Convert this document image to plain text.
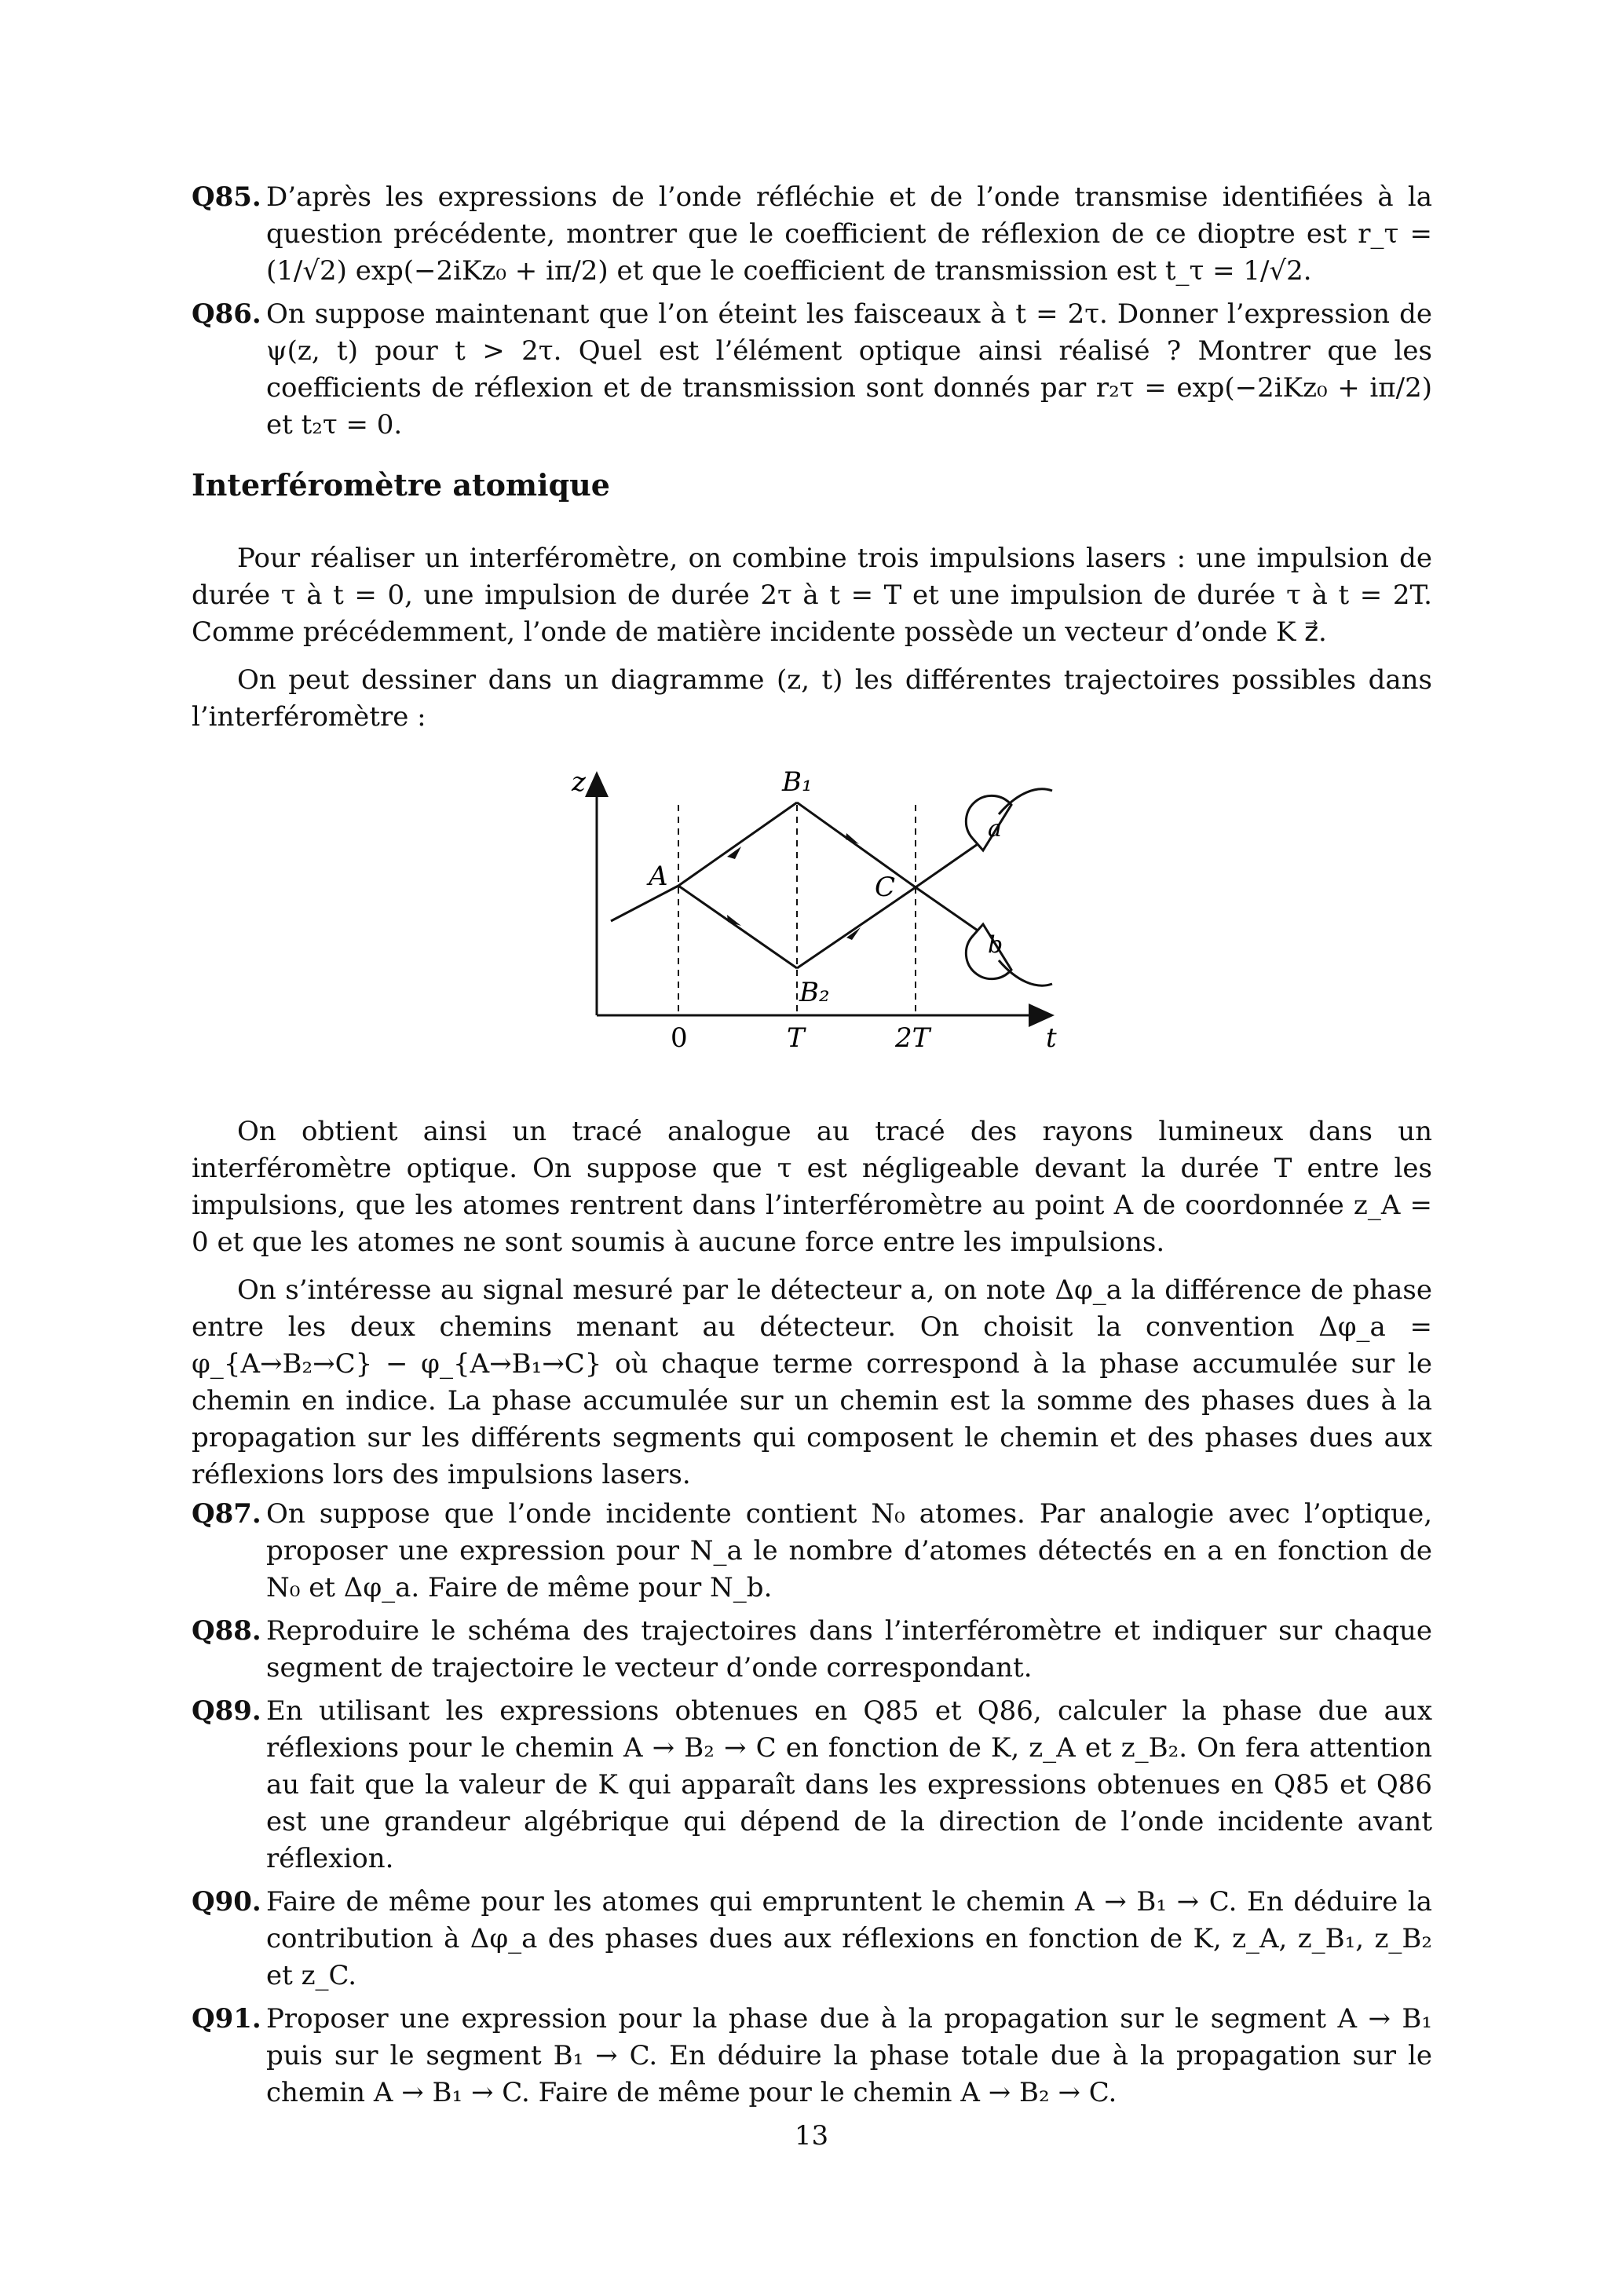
Q85. D’après les expressions de l’onde réfléchie et de l’onde transmise identifiées à la question précédente, montrer que le coefficient de réflexion de ce dioptre est r_τ = (1/√2) exp(−2iKz₀ + iπ/2) et que le coefficient de transmission est t_τ = 1/√2.
Q86. On suppose maintenant que l’on éteint les faisceaux à t = 2τ. Donner l’expression de ψ(z, t) pour t > 2τ. Quel est l’élément optique ainsi réalisé ? Montrer que les coefficients de réflexion et de transmission sont donnés par r₂τ = exp(−2iKz₀ + iπ/2) et t₂τ = 0.
Interféromètre atomique
Pour réaliser un interféromètre, on combine trois impulsions lasers : une impulsion de durée τ à t = 0, une impulsion de durée 2τ à t = T et une impulsion de durée τ à t = 2T. Comme précédemment, l’onde de matière incidente possède un vecteur d’onde K z⃗.
On peut dessiner dans un diagramme (z, t) les différentes trajectoires possibles dans l’interféromètre :
z
t
0	T	2T
a
b
A
B₁
B₂
C
On obtient ainsi un tracé analogue au tracé des rayons lumineux dans un interféromètre optique. On suppose que τ est négligeable devant la durée T entre les impulsions, que les atomes rentrent dans l’interféromètre au point A de coordonnée z_A = 0 et que les atomes ne sont soumis à aucune force entre les impulsions.
On s’intéresse au signal mesuré par le détecteur a, on note Δφ_a la différence de phase entre les deux chemins menant au détecteur. On choisit la convention Δφ_a = φ_{A→B₂→C} − φ_{A→B₁→C} où chaque terme correspond à la phase accumulée sur le chemin en indice. La phase accumulée sur un chemin est la somme des phases dues à la propagation sur les différents segments qui composent le chemin et des phases dues aux réflexions lors des impulsions lasers.
Q87. On suppose que l’onde incidente contient N₀ atomes. Par analogie avec l’optique, proposer une expression pour N_a le nombre d’atomes détectés en a en fonction de N₀ et Δφ_a. Faire de même pour N_b.
Q88. Reproduire le schéma des trajectoires dans l’interféromètre et indiquer sur chaque segment de trajectoire le vecteur d’onde correspondant.
Q89. En utilisant les expressions obtenues en Q85 et Q86, calculer la phase due aux réflexions pour le chemin A → B₂ → C en fonction de K, z_A et z_B₂. On fera attention au fait que la valeur de K qui apparaît dans les expressions obtenues en Q85 et Q86 est une grandeur algébrique qui dépend de la direction de l’onde incidente avant réflexion.
Q90. Faire de même pour les atomes qui empruntent le chemin A → B₁ → C. En déduire la contribution à Δφ_a des phases dues aux réflexions en fonction de K, z_A, z_B₁, z_B₂ et z_C.
Q91. Proposer une expression pour la phase due à la propagation sur le segment A → B₁ puis sur le segment B₁ → C. En déduire la phase totale due à la propagation sur le chemin A → B₁ → C. Faire de même pour le chemin A → B₂ → C.
13
